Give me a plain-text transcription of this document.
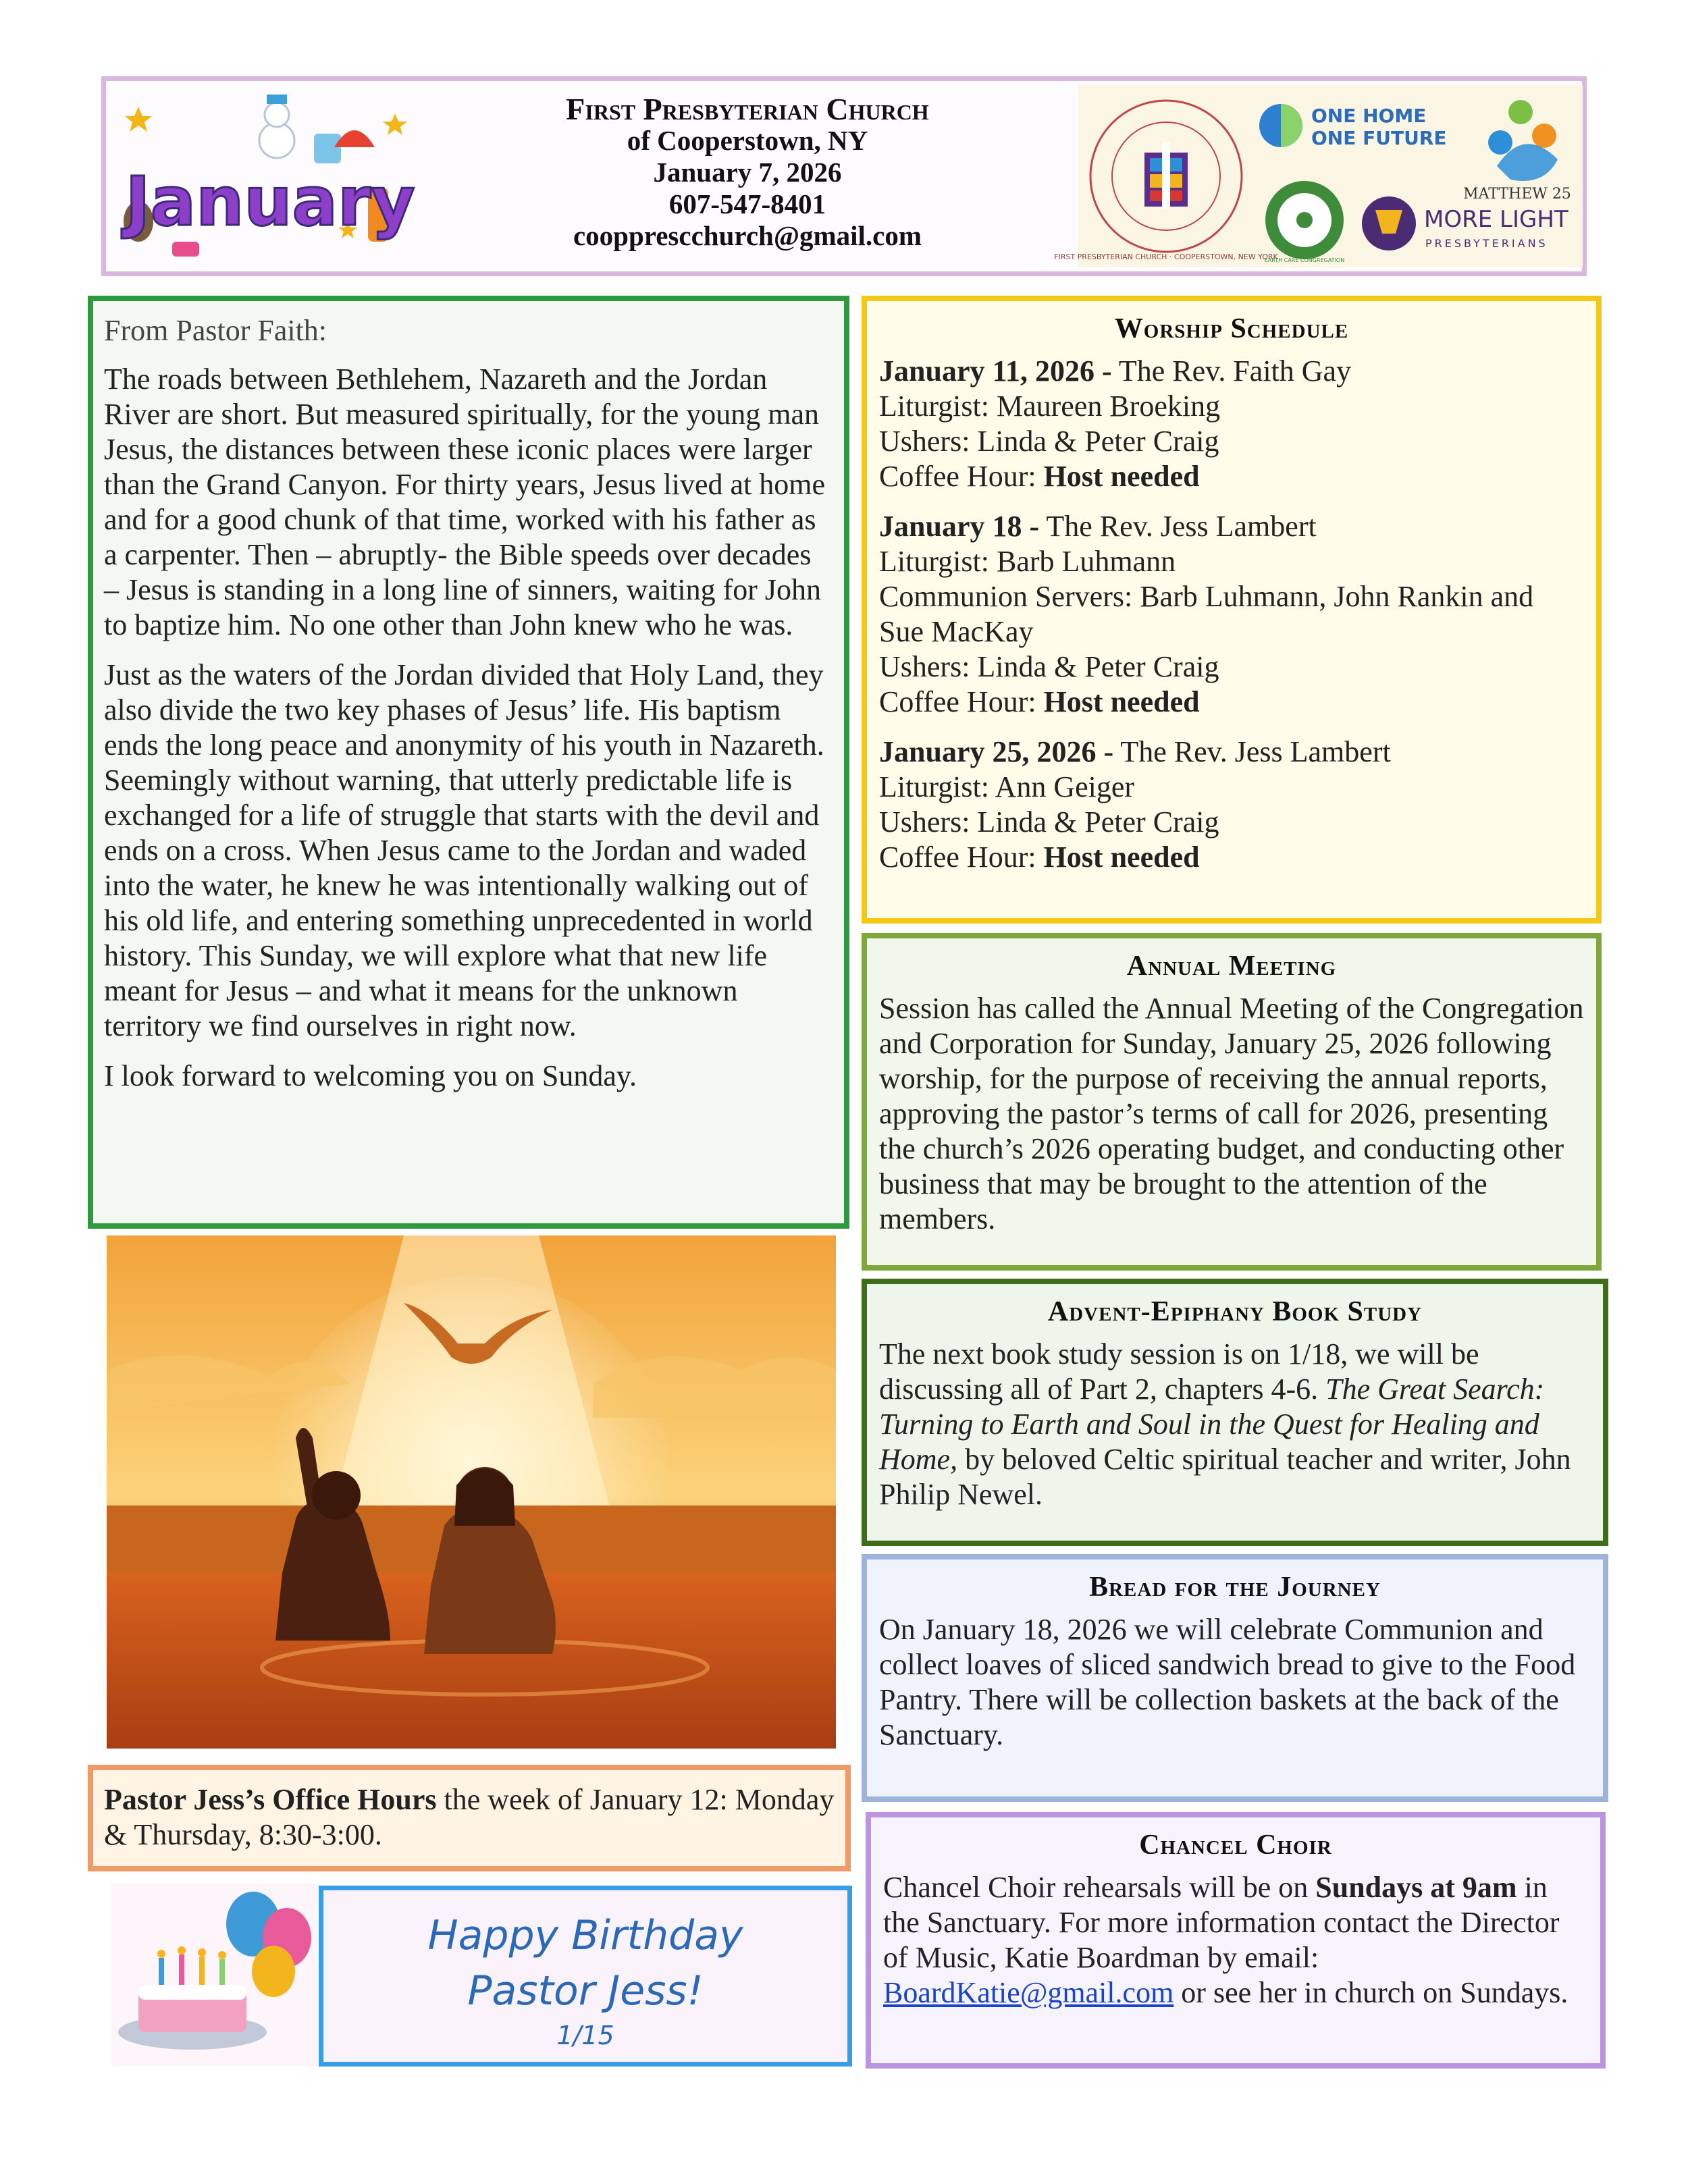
January
First Presbyterian Church
of Cooperstown, NY
January 7, 2026
607-547-8401
coopprescchurch@gmail.com
FIRST PRESBYTERIAN CHURCH · COOPERSTOWN, NEW YORK
ONE HOME
ONE FUTURE
MATTHEW 25
EARTH CARE CONGREGATION
MORE LIGHT
PRESBYTERIANS
From Pastor Faith:

The roads between Bethlehem, Nazareth and the Jordan River are short. But measured spiritually, for the young man Jesus, the distances between these iconic places were larger than the Grand Canyon. For thirty years, Jesus lived at home and for a good chunk of that time, worked with his father as a carpenter. Then – abruptly- the Bible speeds over decades – Jesus is standing in a long line of sinners, waiting for John to baptize him. No one other than John knew who he was.

Just as the waters of the Jordan divided that Holy Land, they also divide the two key phases of Jesus’ life. His baptism ends the long peace and anonymity of his youth in Nazareth. Seemingly without warning, that utterly predictable life is exchanged for a life of struggle that starts with the devil and ends on a cross. When Jesus came to the Jordan and waded into the water, he knew he was intentionally walking out of his old life, and entering something unprecedented in world history. This Sunday, we will explore what that new life meant for Jesus – and what it means for the unknown territory we find ourselves in right now.

I look forward to welcoming you on Sunday.

Pastor Jess’s Office Hours the week of January 12: Monday & Thursday, 8:30-3:00.
Happy Birthday
Pastor Jess!
1/15
Worship Schedule
January 11, 2026 - The Rev. Faith Gay
Liturgist: Maureen Broeking
Ushers: Linda & Peter Craig
Coffee Hour: Host needed
January 18 - The Rev. Jess Lambert
Liturgist: Barb Luhmann
Communion Servers: Barb Luhmann, John Rankin and Sue MacKay
Ushers: Linda & Peter Craig
Coffee Hour: Host needed
January 25, 2026 - The Rev. Jess Lambert
Liturgist: Ann Geiger
Ushers: Linda & Peter Craig
Coffee Hour: Host needed
Annual Meeting

Session has called the Annual Meeting of the Congregation and Corporation for Sunday, January 25, 2026 following worship, for the purpose of receiving the annual reports, approving the pastor’s terms of call for 2026, presenting the church’s 2026 operating budget, and conducting other business that may be brought to the attention of the members.

Advent-Epiphany Book Study

The next book study session is on 1/18, we will be discussing all of Part 2, chapters 4-6. The Great Search: Turning to Earth and Soul in the Quest for Healing and Home, by beloved Celtic spiritual teacher and writer, John Philip Newel.

Bread for the Journey

On January 18, 2026 we will celebrate Communion and collect loaves of sliced sandwich bread to give to the Food Pantry. There will be collection baskets at the back of the Sanctuary.

Chancel Choir

Chancel Choir rehearsals will be on Sundays at 9am in the Sanctuary. For more information contact the Director of Music, Katie Boardman by email: BoardKatie@gmail.com or see her in church on Sundays.
